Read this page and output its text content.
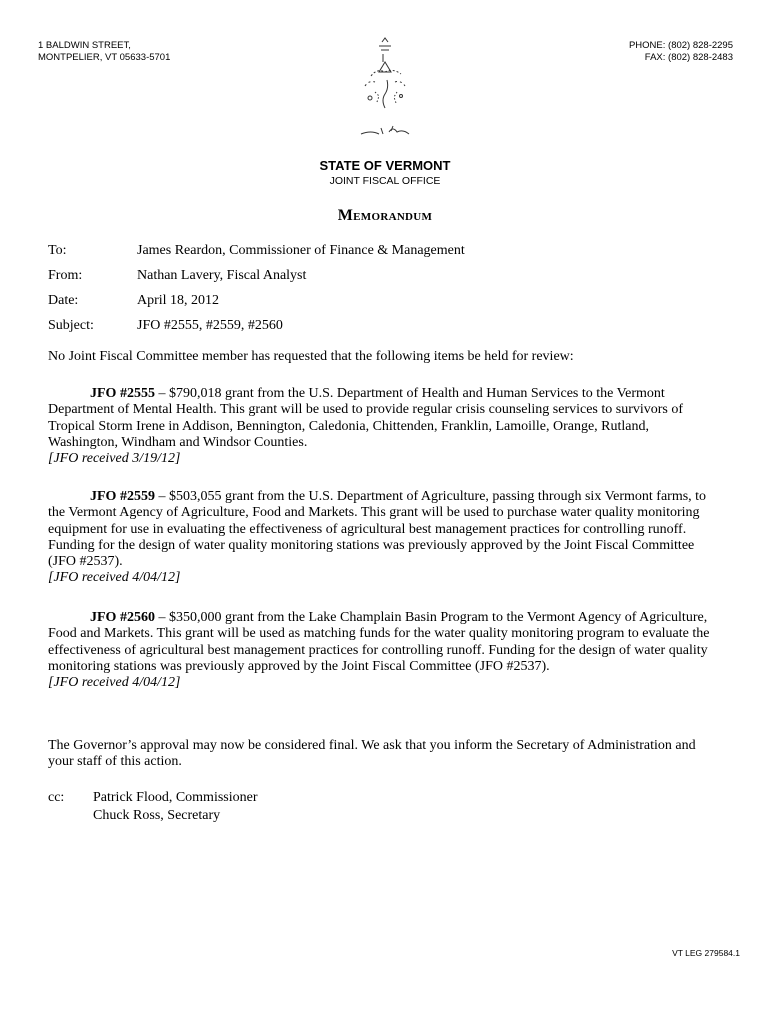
1 BALDWIN STREET,
MONTPELIER, VT 05633-5701
PHONE: (802) 828-2295
FAX: (802) 828-2483
STATE OF VERMONT
JOINT FISCAL OFFICE
Memorandum
To:	James Reardon, Commissioner of Finance & Management
From:	Nathan Lavery, Fiscal Analyst
Date:	April 18, 2012
Subject:	JFO #2555, #2559, #2560

No Joint Fiscal Committee member has requested that the following items be held for review:

JFO #2555 – $790,018 grant from the U.S. Department of Health and Human Services to the Vermont Department of Mental Health. This grant will be used to provide regular crisis counseling services to survivors of Tropical Storm Irene in Addison, Bennington, Caledonia, Chittenden, Franklin, Lamoille, Orange, Rutland, Washington, Windham and Windsor Counties.

[JFO received 3/19/12]

JFO #2559 – $503,055 grant from the U.S. Department of Agriculture, passing through six Vermont farms, to the Vermont Agency of Agriculture, Food and Markets. This grant will be used to purchase water quality monitoring equipment for use in evaluating the effectiveness of agricultural best management practices for controlling runoff. Funding for the design of water quality monitoring stations was previously approved by the Joint Fiscal Committee (JFO #2537).

[JFO received 4/04/12]

JFO #2560 – $350,000 grant from the Lake Champlain Basin Program to the Vermont Agency of Agriculture, Food and Markets. This grant will be used as matching funds for the water quality monitoring program to evaluate the effectiveness of agricultural best management practices for controlling runoff. Funding for the design of water quality monitoring stations was previously approved by the Joint Fiscal Committee (JFO #2537).

[JFO received 4/04/12]

The Governor’s approval may now be considered final. We ask that you inform the Secretary of Administration and your staff of this action.

cc: Patrick Flood, Commissioner
Chuck Ross, Secretary
VT LEG 279584.1
